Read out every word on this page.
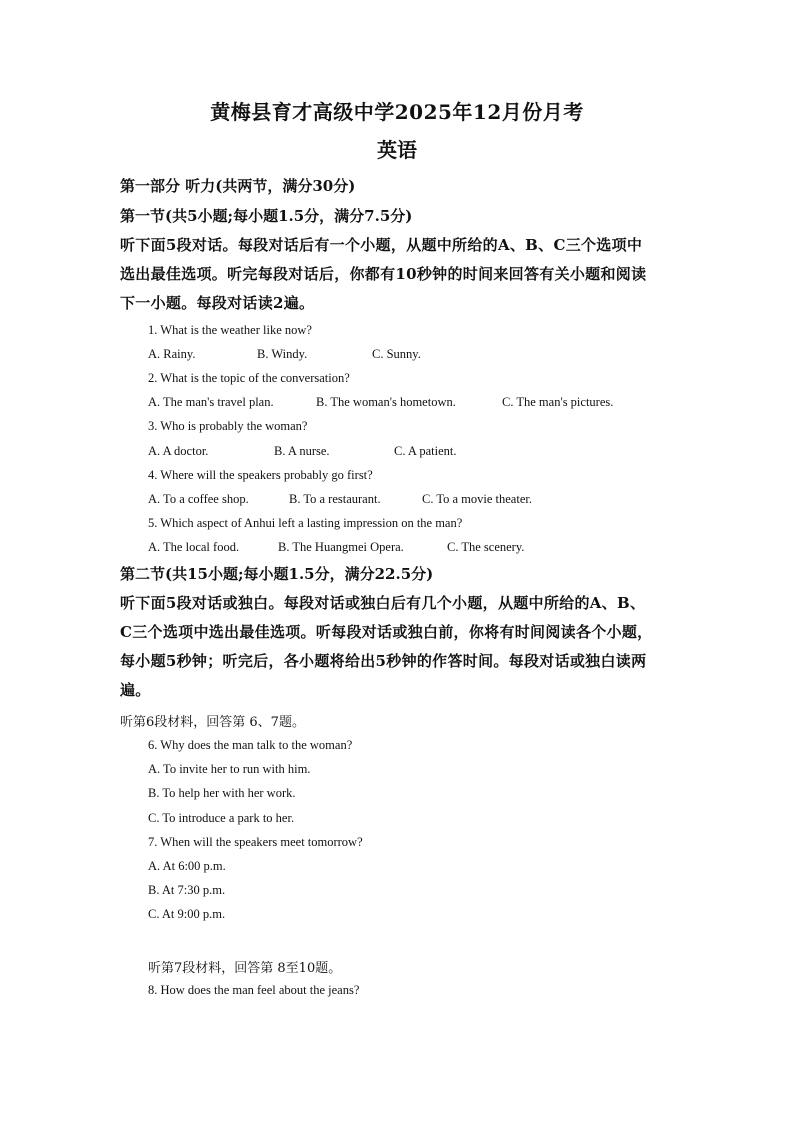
黄梅县育才高级中学2025年12月份月考
英语
第一部分 听力(共两节，满分30分)
第一节(共5小题;每小题1.5分，满分7.5分)
听下面5段对话。每段对话后有一个小题，从题中所给的A、B、C三个选项中
选出最佳选项。听完每段对话后，你都有10秒钟的时间来回答有关小题和阅读
下一小题。每段对话读2遍。
1. What is the weather like now?
A. Rainy.	B. Windy.	C. Sunny.
2. What is the topic of the conversation?
A. The man's travel plan.	B. The woman's hometown.	C. The man's pictures.
3. Who is probably the woman?
A. A doctor.	B. A nurse.	C. A patient.
4. Where will the speakers probably go first?
A. To a coffee shop.	B. To a restaurant.	C. To a movie theater.
5. Which aspect of Anhui left a lasting impression on the man?
A. The local food.	B. The Huangmei Opera.	C. The scenery.
第二节(共15小题;每小题1.5分，满分22.5分)
听下面5段对话或独白。每段对话或独白后有几个小题，从题中所给的A、B、
C三个选项中选出最佳选项。听每段对话或独白前，你将有时间阅读各个小题，
每小题5秒钟；听完后，各小题将给出5秒钟的作答时间。每段对话或独白读两
遍。
听第6段材料，回答第 6、7题。
6. Why does the man talk to the woman?
A. To invite her to run with him.
B. To help her with her work.
C. To introduce a park to her.
7. When will the speakers meet tomorrow?
A. At 6:00 p.m.
B. At 7:30 p.m.
C. At 9:00 p.m.
听第7段材料，回答第 8至10题。
8. How does the man feel about the jeans?
